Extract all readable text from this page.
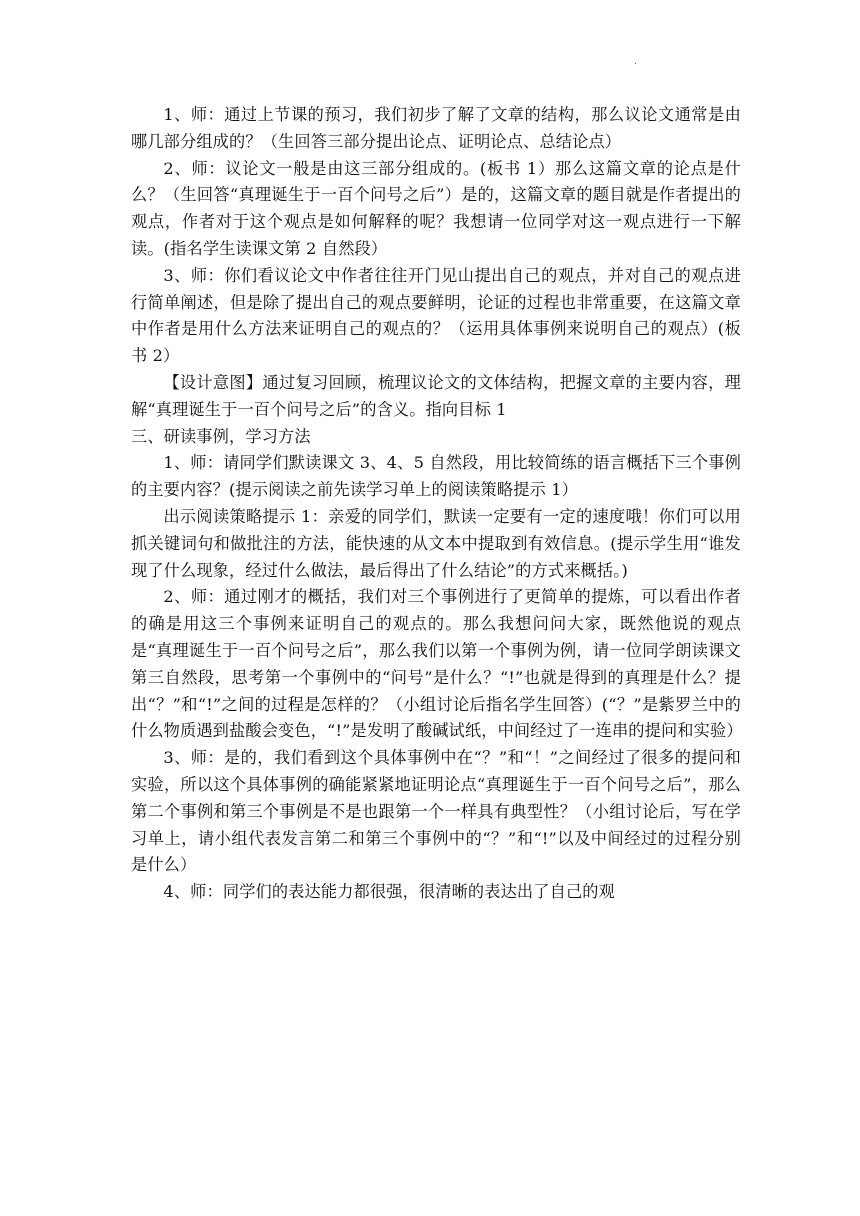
·

1、师：通过上节课的预习，我们初步了解了文章的结构，那么议论文通常是由哪几部分组成的？（生回答三部分提出论点、证明论点、总结论点）

2、师：议论文一般是由这三部分组成的。(板书 1）那么这篇文章的论点是什么？（生回答“真理诞生于一百个问号之后”）是的，这篇文章的题目就是作者提出的观点，作者对于这个观点是如何解释的呢？我想请一位同学对这一观点进行一下解读。(指名学生读课文第 2 自然段）

3、师：你们看议论文中作者往往开门见山提出自己的观点，并对自己的观点进行简单阐述，但是除了提出自己的观点要鲜明，论证的过程也非常重要，在这篇文章中作者是用什么方法来证明自己的观点的？（运用具体事例来说明自己的观点）(板书 2）

【设计意图】通过复习回顾，梳理议论文的文体结构，把握文章的主要内容，理解“真理诞生于一百个问号之后”的含义。指向目标 1

三、研读事例，学习方法

1、师：请同学们默读课文 3、4、5 自然段，用比较简练的语言概括下三个事例的主要内容？(提示阅读之前先读学习单上的阅读策略提示 1）

出示阅读策略提示 1：亲爱的同学们，默读一定要有一定的速度哦！你们可以用抓关键词句和做批注的方法，能快速的从文本中提取到有效信息。(提示学生用“谁发现了什么现象，经过什么做法，最后得出了什么结论”的方式来概括。)

2、师：通过刚才的概括，我们对三个事例进行了更简单的提炼，可以看出作者的确是用这三个事例来证明自己的观点的。那么我想问问大家，既然他说的观点是“真理诞生于一百个问号之后”，那么我们以第一个事例为例，请一位同学朗读课文第三自然段，思考第一个事例中的“问号”是什么？“!”也就是得到的真理是什么？提出“？”和“!”之间的过程是怎样的？（小组讨论后指名学生回答）(“？”是紫罗兰中的什么物质遇到盐酸会变色，“!”是发明了酸碱试纸，中间经过了一连串的提问和实验）

3、师：是的，我们看到这个具体事例中在“？”和“！”之间经过了很多的提问和实验，所以这个具体事例的确能紧紧地证明论点“真理诞生于一百个问号之后”，那么第二个事例和第三个事例是不是也跟第一个一样具有典型性？（小组讨论后，写在学习单上，请小组代表发言第二和第三个事例中的“？”和“!”以及中间经过的过程分别是什么）

4、师：同学们的表达能力都很强，很清晰的表达出了自己的观
